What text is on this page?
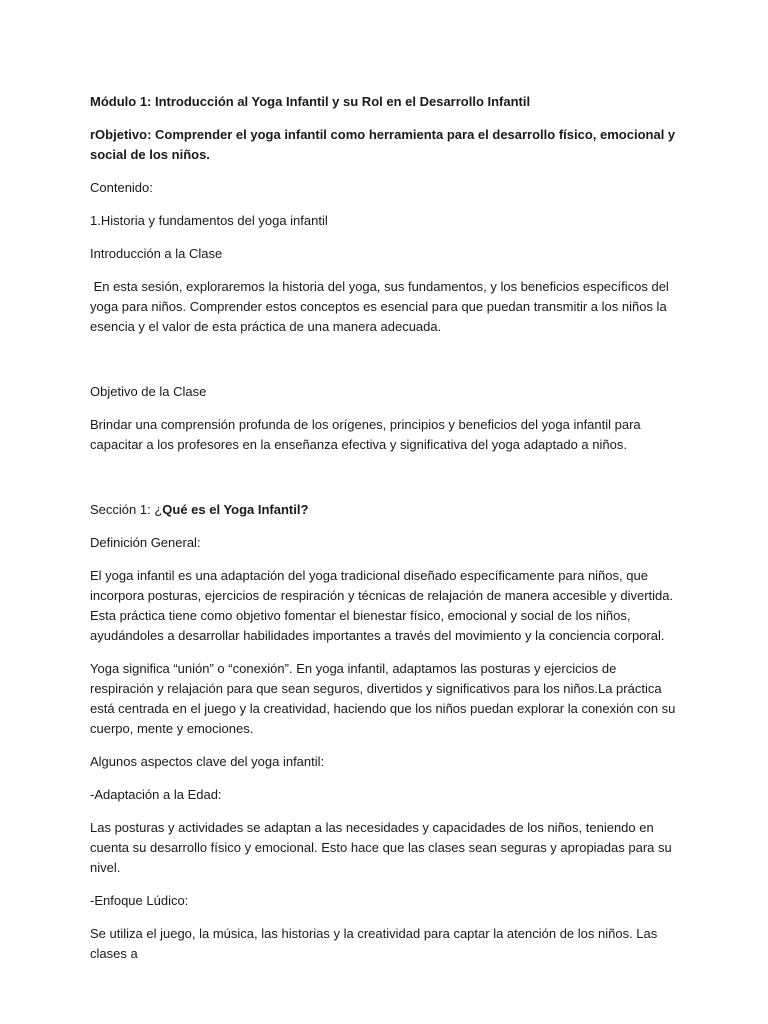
Módulo 1: Introducción al Yoga Infantil y su Rol en el Desarrollo Infantil

rObjetivo: Comprender el yoga infantil como herramienta para el desarrollo físico, emocional y social de los niños.

Contenido:

1.Historia y fundamentos del yoga infantil

Introducción a la Clase

En esta sesión, exploraremos la historia del yoga, sus fundamentos, y los beneficios específicos del yoga para niños. Comprender estos conceptos es esencial para que puedan transmitir a los niños la esencia y el valor de esta práctica de una manera adecuada.

Objetivo de la Clase

Brindar una comprensión profunda de los orígenes, principios y beneficios del yoga infantil para capacitar a los profesores en la enseñanza efectiva y significativa del yoga adaptado a niños.

Sección 1: ¿Qué es el Yoga Infantil?

Definición General:

El yoga infantil es una adaptación del yoga tradicional diseñado específicamente para niños, que incorpora posturas, ejercicios de respiración y técnicas de relajación de manera accesible y divertida. Esta práctica tiene como objetivo fomentar el bienestar físico, emocional y social de los niños, ayudándoles a desarrollar habilidades importantes a través del movimiento y la conciencia corporal.

Yoga significa “unión” o “conexión”. En yoga infantil, adaptamos las posturas y ejercicios de respiración y relajación para que sean seguros, divertidos y significativos para los niños.La práctica está centrada en el juego y la creatividad, haciendo que los niños puedan explorar la conexión con su cuerpo, mente y emociones.

Algunos aspectos clave del yoga infantil:

-Adaptación a la Edad:

Las posturas y actividades se adaptan a las necesidades y capacidades de los niños, teniendo en cuenta su desarrollo físico y emocional. Esto hace que las clases sean seguras y apropiadas para su nivel.

-Enfoque Lúdico:

Se utiliza el juego, la música, las historias y la creatividad para captar la atención de los niños. Las clases a
